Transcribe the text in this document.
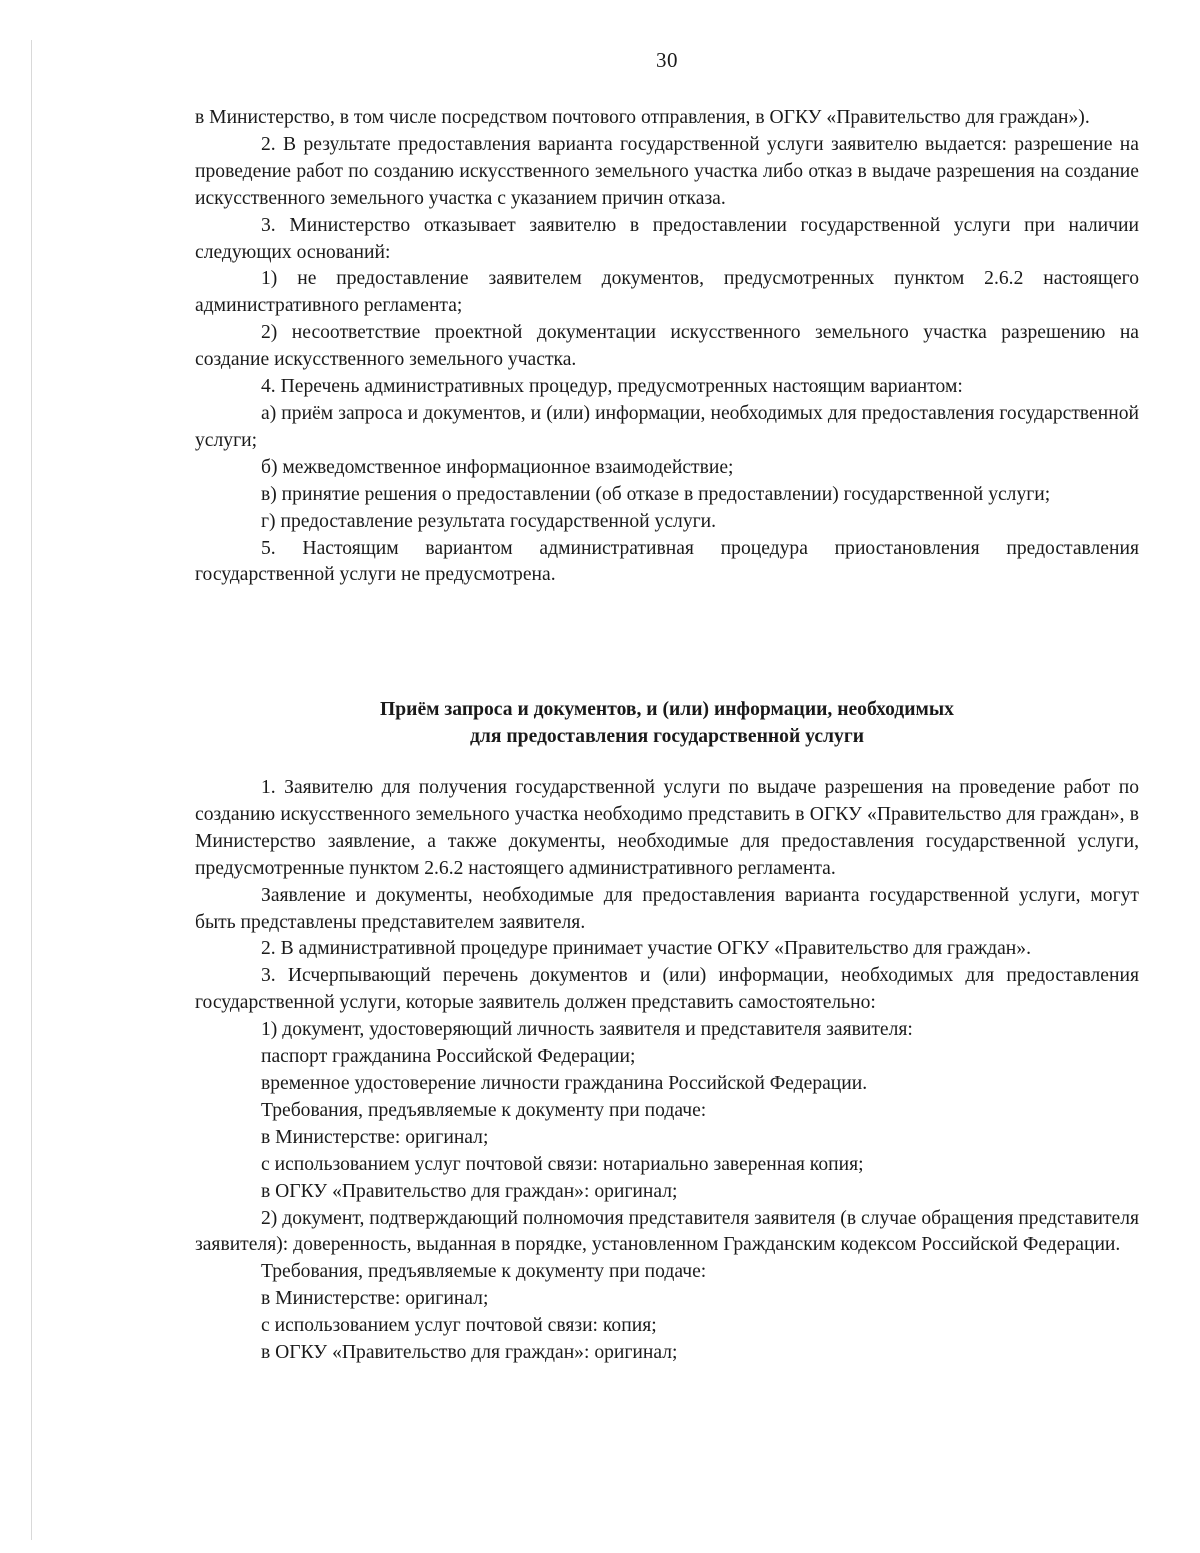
30

в Министерство, в том числе посредством почтового отправления, в ОГКУ «Правительство для граждан»).

2. В результате предоставления варианта государственной услуги заявителю выдается: разрешение на проведение работ по созданию искусственного земельного участка либо отказ в выдаче разрешения на создание искусственного земельного участка с указанием причин отказа.

3. Министерство отказывает заявителю в предоставлении государственной услуги при наличии следующих оснований:

1) не предоставление заявителем документов, предусмотренных пунктом 2.6.2 настоящего административного регламента;

2) несоответствие проектной документации искусственного земельного участка разрешению на создание искусственного земельного участка.

4. Перечень административных процедур, предусмотренных настоящим вариантом:

а) приём запроса и документов, и (или) информации, необходимых для предоставления государственной услуги;

б) межведомственное информационное взаимодействие;

в) принятие решения о предоставлении (об отказе в предоставлении) государственной услуги;

г) предоставление результата государственной услуги.

5. Настоящим вариантом административная процедура приостановления предоставления государственной услуги не предусмотрена.

Приём запроса и документов, и (или) информации, необходимых
для предоставления государственной услуги

1. Заявителю для получения государственной услуги по выдаче разрешения на проведение работ по созданию искусственного земельного участка необходимо представить в ОГКУ «Правительство для граждан», в Министерство заявление, а также документы, необходимые для предоставления государственной услуги, предусмотренные пунктом 2.6.2 настоящего административного регламента.

Заявление и документы, необходимые для предоставления варианта государственной услуги, могут быть представлены представителем заявителя.

2. В административной процедуре принимает участие ОГКУ «Правительство для граждан».

3. Исчерпывающий перечень документов и (или) информации, необходимых для предоставления государственной услуги, которые заявитель должен представить самостоятельно:

1) документ, удостоверяющий личность заявителя и представителя заявителя:

паспорт гражданина Российской Федерации;

временное удостоверение личности гражданина Российской Федерации.

Требования, предъявляемые к документу при подаче:

в Министерстве: оригинал;

с использованием услуг почтовой связи: нотариально заверенная копия;

в ОГКУ «Правительство для граждан»: оригинал;

2) документ, подтверждающий полномочия представителя заявителя (в случае обращения представителя заявителя): доверенность, выданная в порядке, установленном Гражданским кодексом Российской Федерации.

Требования, предъявляемые к документу при подаче:

в Министерстве: оригинал;

с использованием услуг почтовой связи: копия;

в ОГКУ «Правительство для граждан»: оригинал;
